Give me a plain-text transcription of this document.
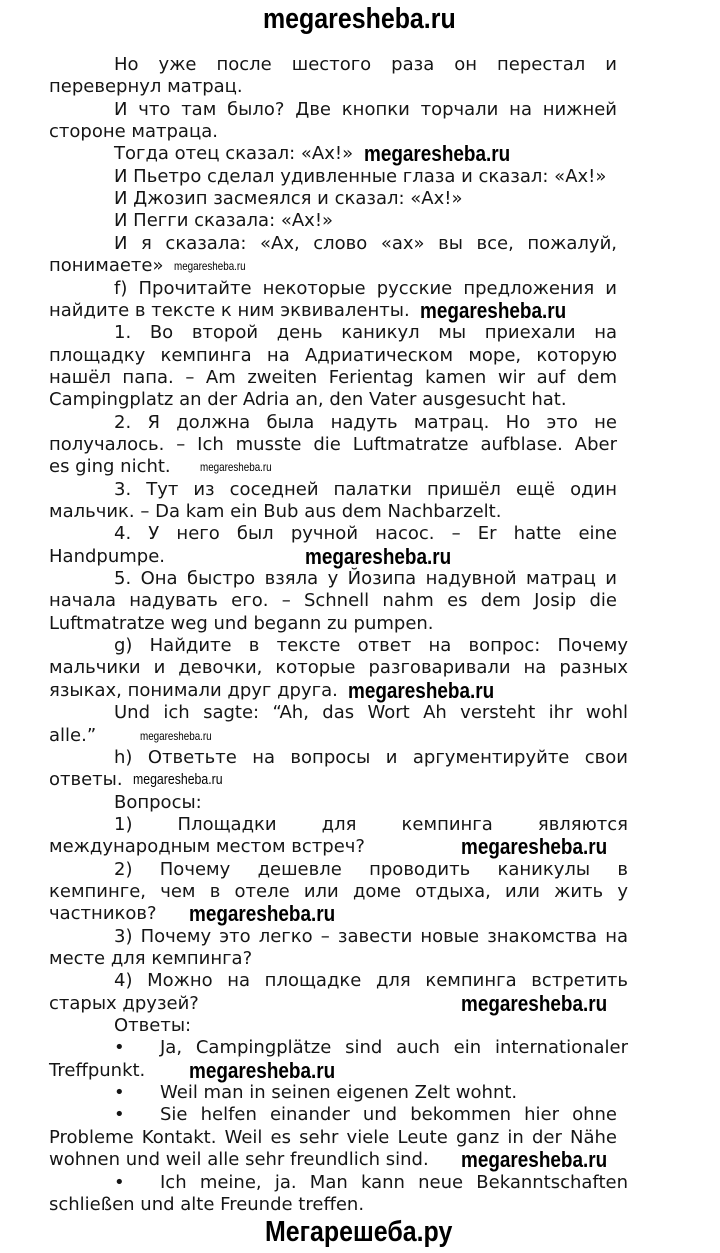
Но уже после шестого раза он перестал и
перевернул матрац.
И что там было? Две кнопки торчали на нижней
стороне матраца.
Тогда отец сказал: «Ах!»
И Пьетро сделал удивленные глаза и сказал: «Ах!»
И Джозип засмеялся и сказал: «Ах!»
И Пегги сказала: «Ах!»
И я сказала: «Ах, слово «ах» вы все, пожалуй,
понимаете»
f) Прочитайте некоторые русские предложения и
найдите в тексте к ним эквиваленты.
1. Во второй день каникул мы приехали на
площадку кемпинга на Адриатическом море, которую
нашёл папа. – Am zweiten Ferientag kamen wir auf dem
Campingplatz an der Adria an, den Vater ausgesucht hat.
2. Я должна была надуть матрац. Но это не
получалось. – Ich musste die Luftmatratze aufblase. Aber
es ging nicht.
3. Тут из соседней палатки пришёл ещё один
мальчик. – Da kam ein Bub aus dem Nachbarzelt.
4. У него был ручной насос. – Er hatte eine
Handpumpe.
5. Она быстро взяла у Йозипа надувной матрац и
начала надувать его. – Schnell nahm es dem Josip die
Luftmatratze weg und begann zu pumpen.
g) Найдите в тексте ответ на вопрос: Почему
мальчики и девочки, которые разговаривали на разных
языках, понимали друг друга.
Und ich sagte: “Ah, das Wort Ah versteht ihr wohl
alle.”
h) Ответьте на вопросы и аргументируйте свои
ответы.
Вопросы:
1) Площадки для кемпинга являются
международным местом встреч?
2) Почему дешевле проводить каникулы в
кемпинге, чем в отеле или доме отдыха, или жить у
частников?
3) Почему это легко – завести новые знакомства на
месте для кемпинга?
4) Можно на площадке для кемпинга встретить
старых друзей?
Ответы:
•	Ja, Campingplätze sind auch ein internationaler
Treffpunkt.
•	Weil man in seinen eigenen Zelt wohnt.
•	Sie helfen einander und bekommen hier ohne
Probleme Kontakt. Weil es sehr viele Leute ganz in der Nähe
wohnen und weil alle sehr freundlich sind.
•	Ich meine, ja. Man kann neue Bekanntschaften
schließen und alte Freunde treffen.
megaresheba.ru
megaresheba.ru
megaresheba.ru
megaresheba.ru
megaresheba.ru
megaresheba.ru
megaresheba.ru
megaresheba.ru
megaresheba.ru
megaresheba.ru
megaresheba.ru
megaresheba.ru
megaresheba.ru
megaresheba.ru
Мегарешеба.ру
